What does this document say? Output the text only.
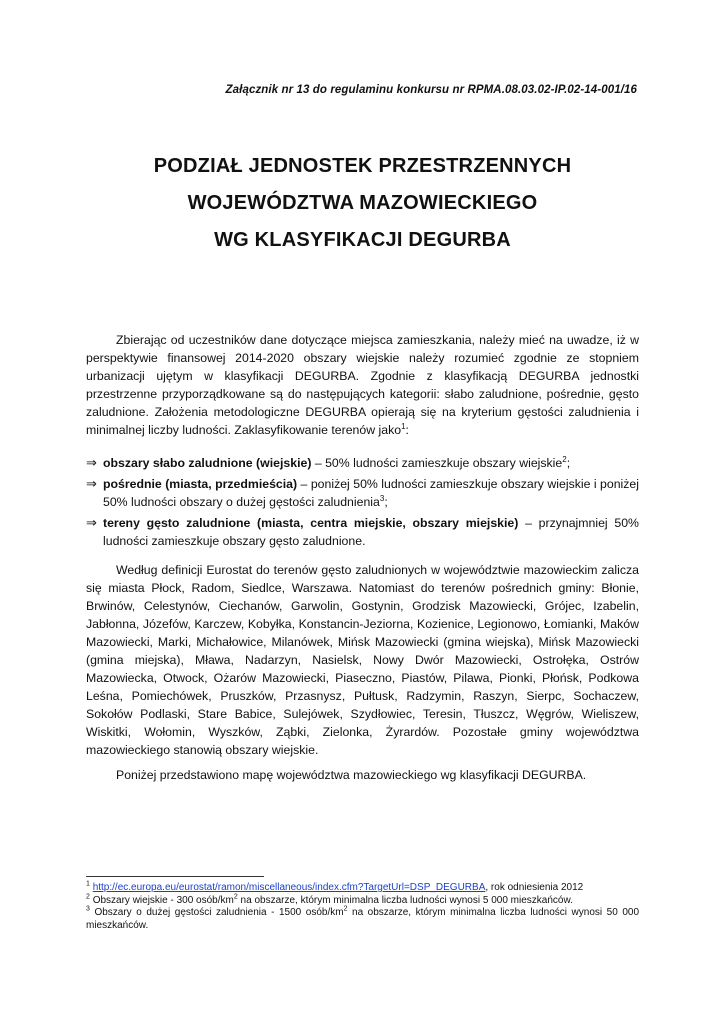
Załącznik nr 13 do regulaminu konkursu nr RPMA.08.03.02-IP.02-14-001/16
PODZIAŁ JEDNOSTEK PRZESTRZENNYCH
WOJEWÓDZTWA MAZOWIECKIEGO
WG KLASYFIKACJI DEGURBA
Zbierając od uczestników dane dotyczące miejsca zamieszkania, należy mieć na uwadze, iż w perspektywie finansowej 2014-2020 obszary wiejskie należy rozumieć zgodnie ze stopniem urbanizacji ujętym w klasyfikacji DEGURBA. Zgodnie z klasyfikacją DEGURBA jednostki przestrzenne przyporządkowane są do następujących kategorii: słabo zaludnione, pośrednie, gęsto zaludnione. Założenia metodologiczne DEGURBA opierają się na kryterium gęstości zaludnienia i minimalnej liczby ludności. Zaklasyfikowanie terenów jako$^1$:
⇒ obszary słabo zaludnione (wiejskie) – 50% ludności zamieszkuje obszary wiejskie$^2$;
⇒ pośrednie (miasta, przedmieścia) – poniżej 50% ludności zamieszkuje obszary wiejskie i poniżej 50% ludności obszary o dużej gęstości zaludnienia$^3$;
⇒ tereny gęsto zaludnione (miasta, centra miejskie, obszary miejskie) – przynajmniej 50% ludności zamieszkuje obszary gęsto zaludnione.
Według definicji Eurostat do terenów gęsto zaludnionych w województwie mazowieckim zalicza się miasta Płock, Radom, Siedlce, Warszawa. Natomiast do terenów pośrednich gminy: Błonie, Brwinów, Celestynów, Ciechanów, Garwolin, Gostynin, Grodzisk Mazowiecki, Grójec, Izabelin, Jabłonna, Józefów, Karczew, Kobyłka, Konstancin-Jeziorna, Kozienice, Legionowo, Łomianki, Maków Mazowiecki, Marki, Michałowice, Milanówek, Mińsk Mazowiecki (gmina wiejska), Mińsk Mazowiecki (gmina miejska), Mława, Nadarzyn, Nasielsk, Nowy Dwór Mazowiecki, Ostrołęka, Ostrów Mazowiecka, Otwock, Ożarów Mazowiecki, Piaseczno, Piastów, Pilawa, Pionki, Płońsk, Podkowa Leśna, Pomiechówek, Pruszków, Przasnysz, Pułtusk, Radzymin, Raszyn, Sierpc, Sochaczew, Sokołów Podlaski, Stare Babice, Sulejówek, Szydłowiec, Teresin, Tłuszcz, Węgrów, Wieliszew, Wiskitki, Wołomin, Wyszków, Ząbki, Zielonka, Żyrardów. Pozostałe gminy województwa mazowieckiego stanowią obszary wiejskie.
Poniżej przedstawiono mapę województwa mazowieckiego wg klasyfikacji DEGURBA.
$^1$ http://ec.europa.eu/eurostat/ramon/miscellaneous/index.cfm?TargetUrl=DSP_DEGURBA, rok odniesienia 2012
$^2$ Obszary wiejskie - 300 osób/$km^2$ na obszarze, którym minimalna liczba ludności wynosi 5 000 mieszkańców.
$^3$ Obszary o dużej gęstości zaludnienia - 1500 osób/$km^2$ na obszarze, którym minimalna liczba ludności wynosi 50 000 mieszkańców.
